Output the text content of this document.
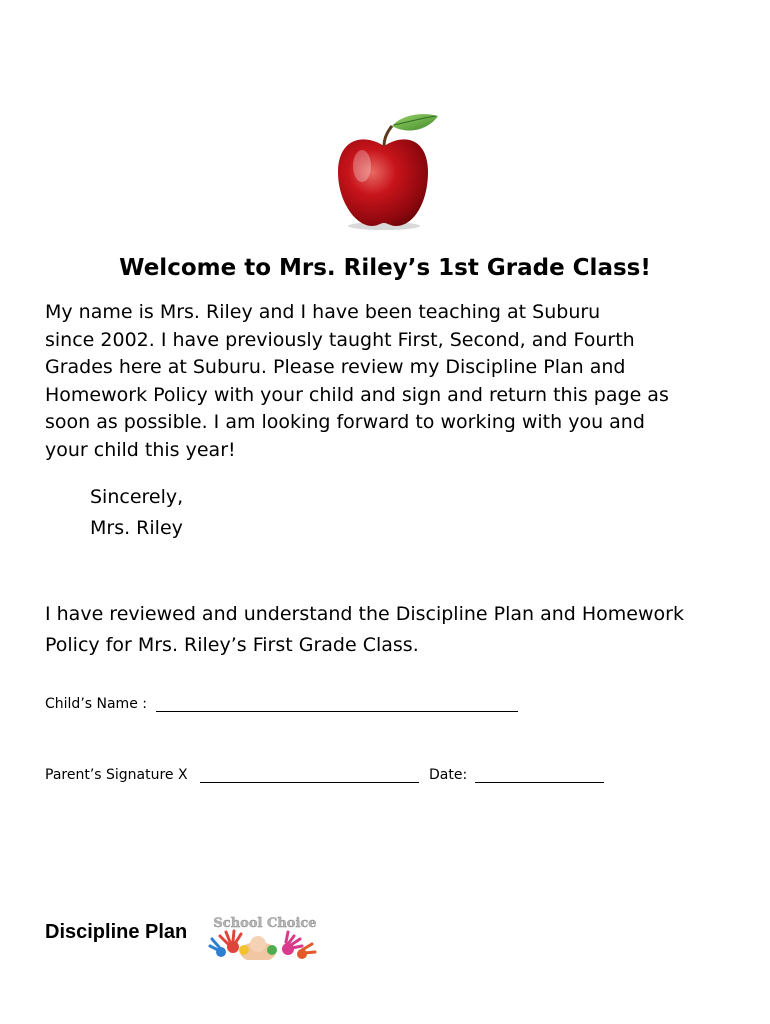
Welcome to Mrs. Riley’s 1st Grade Class!

My name is Mrs. Riley and I have been teaching at Suburu
since 2002. I have previously taught First, Second, and Fourth
Grades here at Suburu. Please review my Discipline Plan and
Homework Policy with your child and sign and return this page as
soon as possible. I am looking forward to working with you and
your child this year!

Sincerely,

Mrs. Riley

I have reviewed and understand the Discipline Plan and Homework
Policy for Mrs. Riley’s First Grade Class.

Child’s Name :
Parent’s Signature X	Date:
Discipline Plan School Choice
